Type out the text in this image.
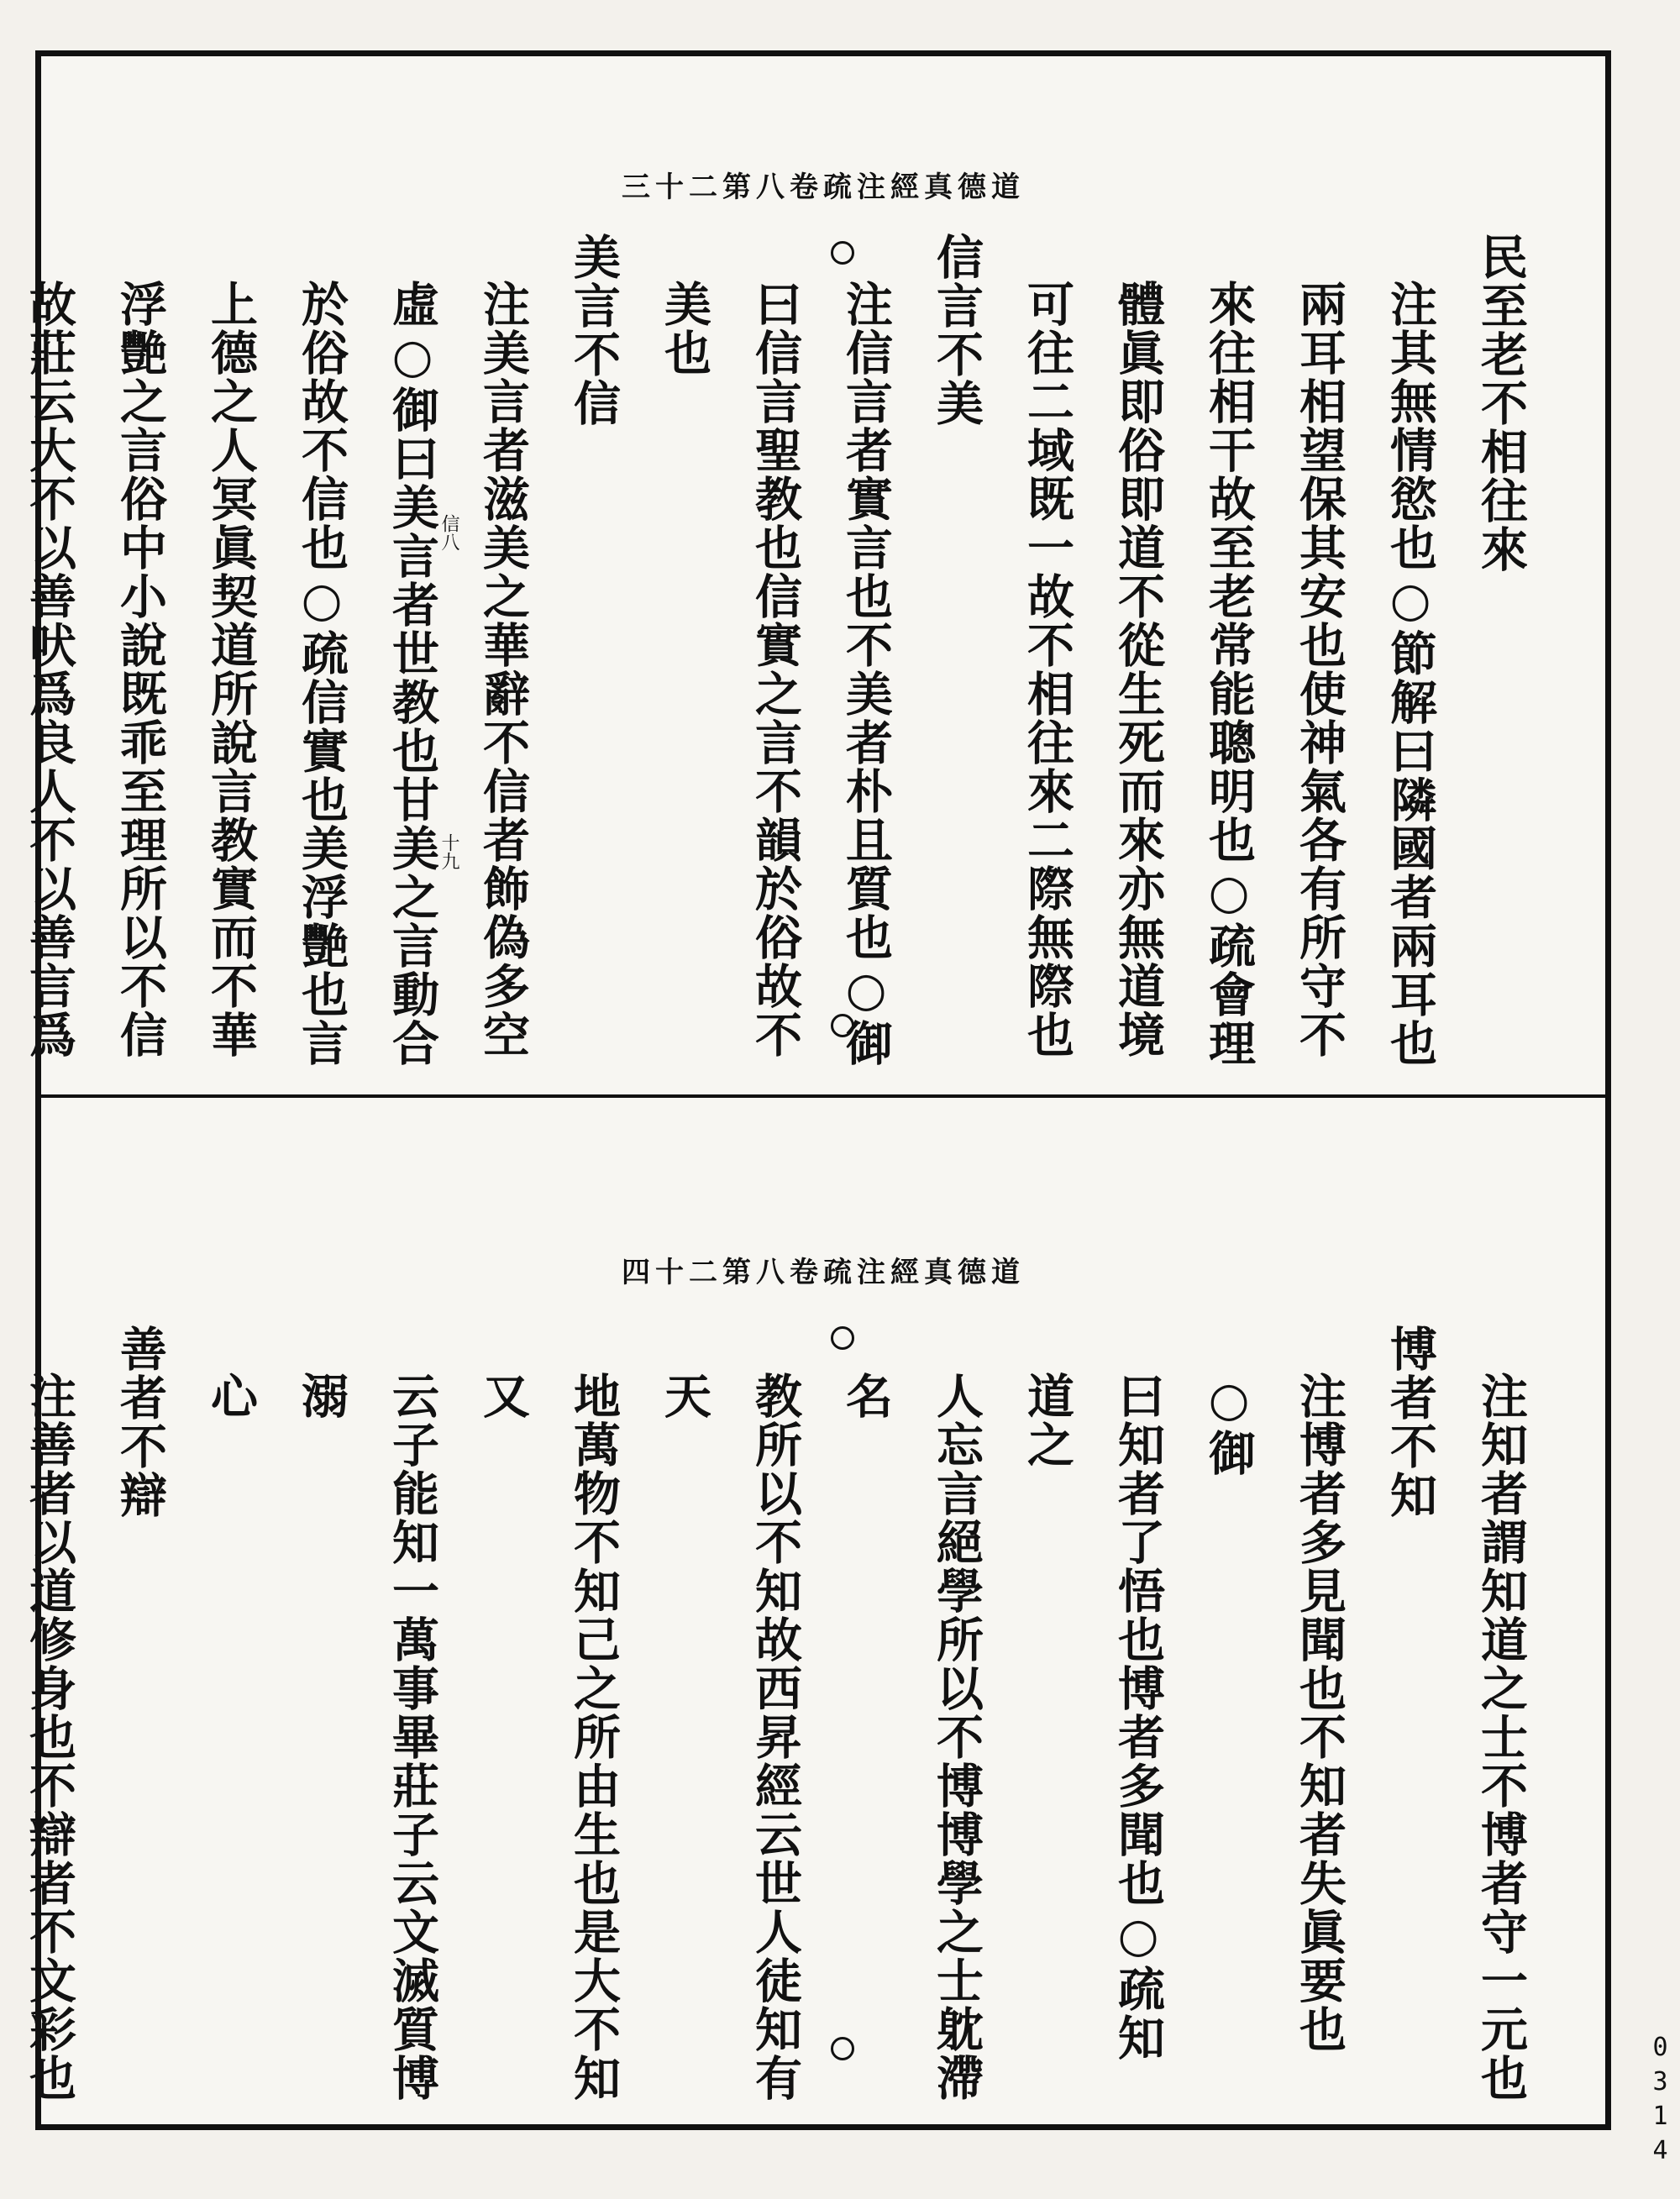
道德真經注疏卷八第二十三
民至老不相往來
注其無情慾也○節解曰隣國者兩耳也
兩耳相望保其安也使神氣各有所守不
來往相干故至老常能聰明也○疏會理
體眞即俗即道不從生死而來亦無道境
可往二域既一故不相往來二際無際也
信言不美
注信言者實言也不美者朴且質也○御
曰信言聖教也信實之言不韻於俗故不
美也
美言不信
注美言者滋美之華辭不信者飾偽多空
虛○御曰美言者世教也甘美之言動合
於俗故不信也○疏信實也美浮艷也言
上德之人冥眞契道所說言教實而不華
浮艷之言俗中小說既乖至理所以不信
故莊云大不以善吠爲良人不以善言爲	信八
十九
道德真經注疏卷八第二十四
注知者謂知道之士不博者守一元也
博者不知
注博者多見聞也不知者失眞要也○御
曰知者了悟也博者多聞也○疏知道之
人忘言絕學所以不博博學之士躭滯名
教所以不知故西昇經云世人徒知有天
地萬物不知己之所由生也是大不知又
云子能知一萬事畢莊子云文滅質博溺
心
善者不辯
注善者以道修身也不辯者不文彩也	0314
